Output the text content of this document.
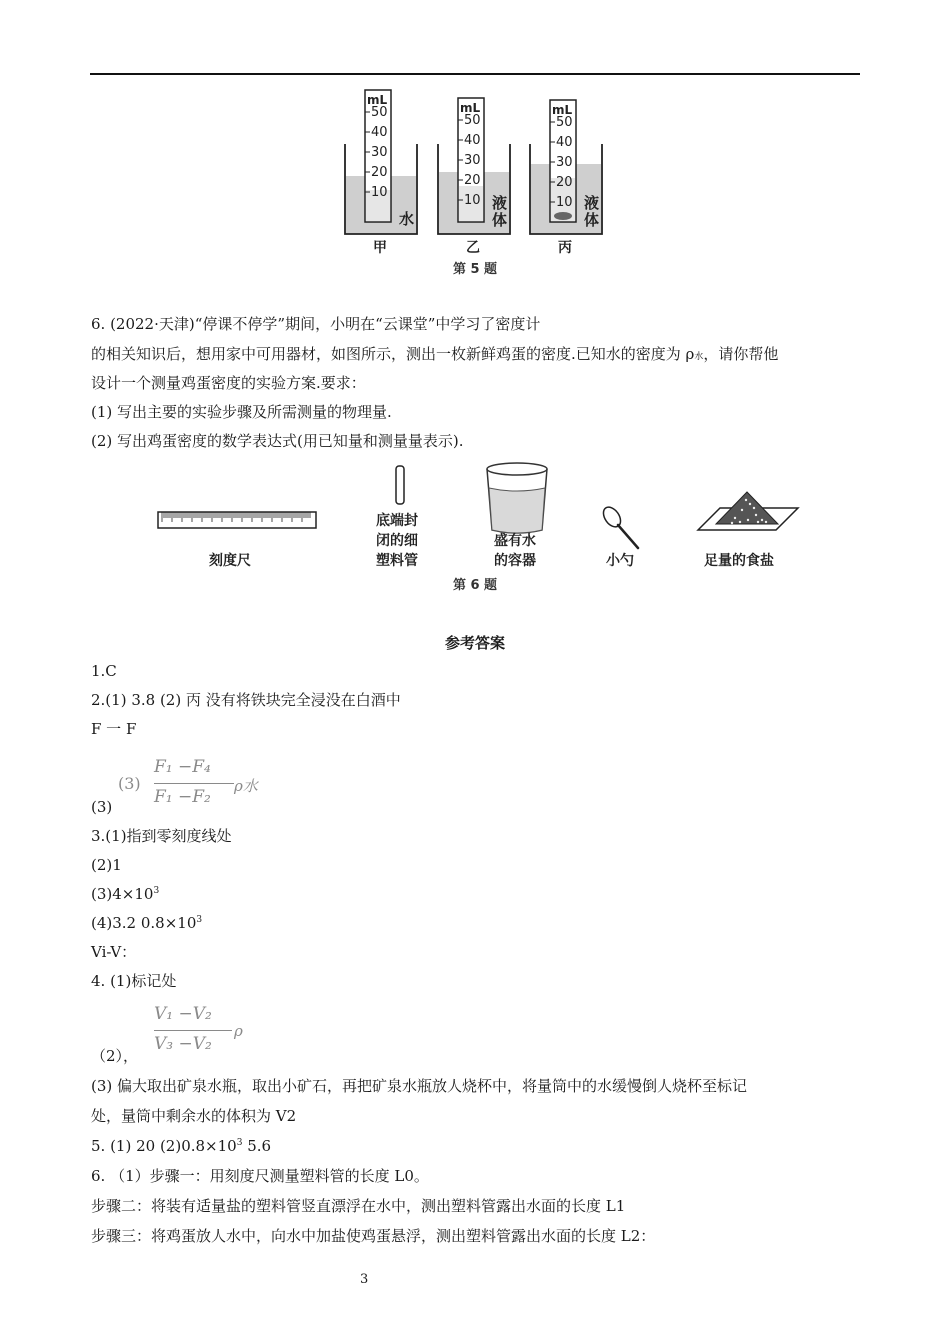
mL
50
40
30
20
10
水
甲
mL
50
40
30
20
10 液
体
乙
mL
50
40
30
20
10 液
体
丙
第 5 题
6. (2022·天津)“停课不停学”期间，小明在“云课堂”中学习了密度计
的相关知识后，想用家中可用器材，如图所示，测出一枚新鲜鸡蛋的密度.已知水的密度为 ρ水，请你帮他
设计一个测量鸡蛋密度的实验方案.要求：
(1) 写出主要的实验步骤及所需测量的物理量.
(2) 写出鸡蛋密度的数学表达式(用已知量和测量量表示).
刻度尺
底端封
闭的细
塑料管
盛有水
的容器	小勺	足量的食盐
第 6 题
参考答案
1.C
2.(1) 3.8 (2) 丙 没有将铁块完全浸没在白酒中
F 一 F
(3)
F₁ −F₄
F₁ −F₂
ρ水
(3)
3.(1)指到零刻度线处
(2)1
$(3)4\times 10^3$
(4)3.2 $0.8\times 10^3$
Vi-V：
4. (1)标记处
V₁ −V₂
V₃ −V₂
ρ
（2），
(3) 偏大取出矿泉水瓶，取出小矿石，再把矿泉水瓶放人烧杯中，将量筒中的水缓慢倒人烧杯至标记
处，量筒中剩余水的体积为 V2
5. (1) 20 $(2)0.8\times 10^3$ 5.6
6. （1）步骤一：用刻度尺测量塑料管的长度 L0。
步骤二：将装有适量盐的塑料管竖直漂浮在水中，测出塑料管露出水面的长度 L1
步骤三：将鸡蛋放人水中，向水中加盐使鸡蛋悬浮，测出塑料管露出水面的长度 L2：
3
